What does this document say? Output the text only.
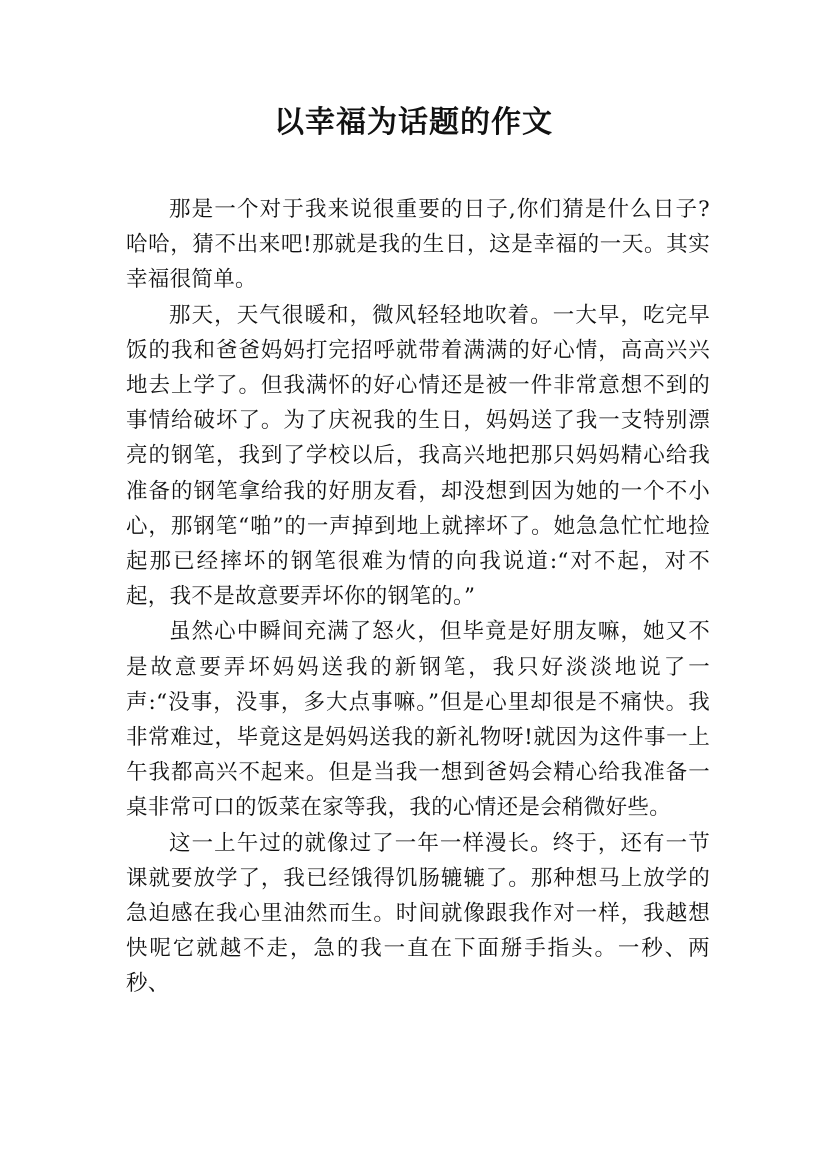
以幸福为话题的作文

那是一个对于我来说很重要的日子,你们猜是什么日子?哈哈，猜不出来吧!那就是我的生日，这是幸福的一天。其实幸福很简单。

那天，天气很暖和，微风轻轻地吹着。一大早，吃完早饭的我和爸爸妈妈打完招呼就带着满满的好心情，高高兴兴地去上学了。但我满怀的好心情还是被一件非常意想不到的事情给破坏了。为了庆祝我的生日，妈妈送了我一支特别漂亮的钢笔，我到了学校以后，我高兴地把那只妈妈精心给我准备的钢笔拿给我的好朋友看，却没想到因为她的一个不小心，那钢笔“啪”的一声掉到地上就摔坏了。她急急忙忙地捡起那已经摔坏的钢笔很难为情的向我说道:“对不起，对不起，我不是故意要弄坏你的钢笔的。”

虽然心中瞬间充满了怒火，但毕竟是好朋友嘛，她又不是故意要弄坏妈妈送我的新钢笔，我只好淡淡地说了一声:“没事，没事，多大点事嘛。”但是心里却很是不痛快。我非常难过，毕竟这是妈妈送我的新礼物呀!就因为这件事一上午我都高兴不起来。但是当我一想到爸妈会精心给我准备一桌非常可口的饭菜在家等我，我的心情还是会稍微好些。

这一上午过的就像过了一年一样漫长。终于，还有一节课就要放学了，我已经饿得饥肠辘辘了。那种想马上放学的急迫感在我心里油然而生。时间就像跟我作对一样，我越想快呢它就越不走，急的我一直在下面掰手指头。一秒、两秒、
